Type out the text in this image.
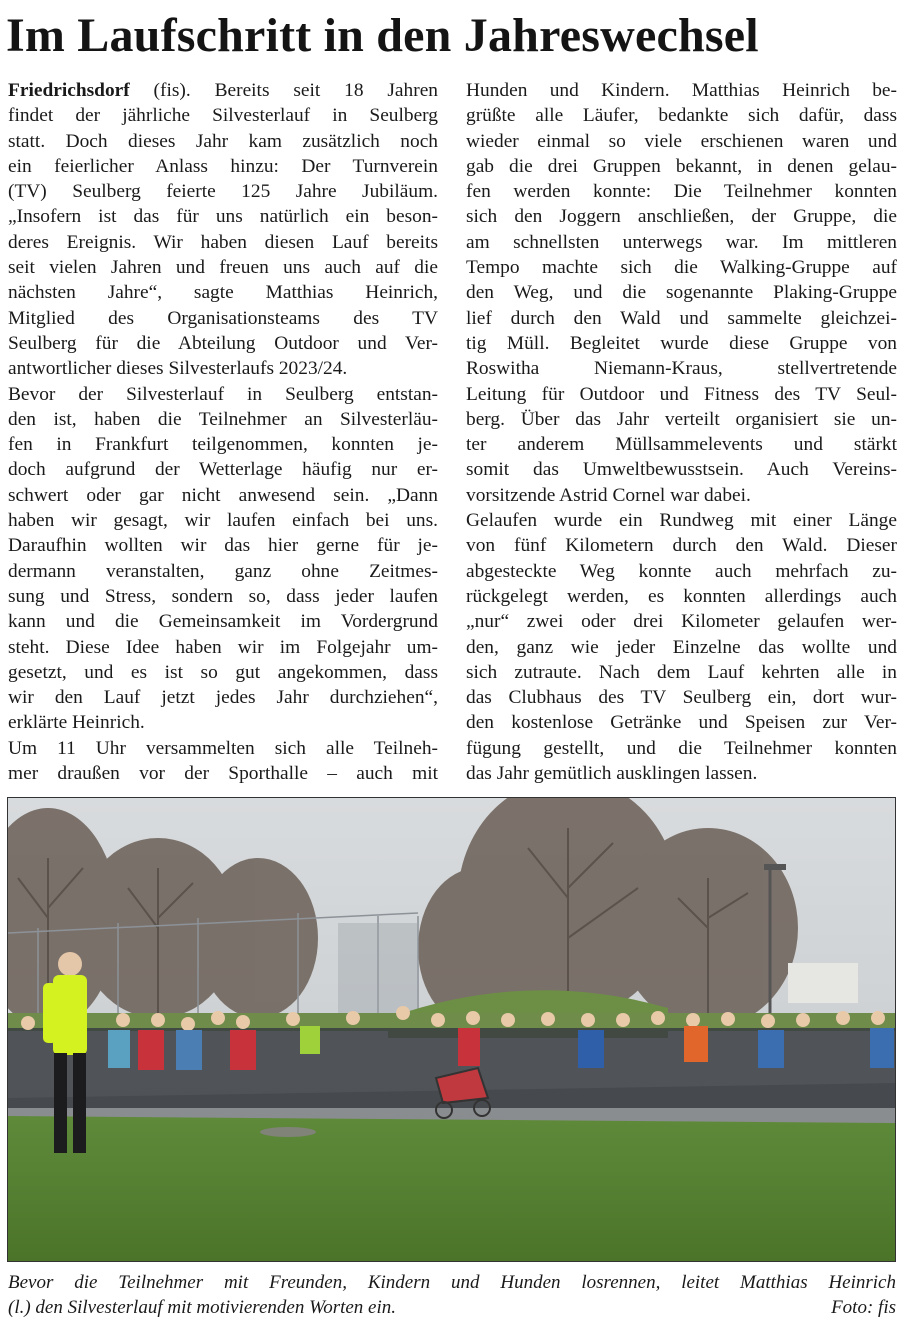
Im Laufschritt in den Jahreswechsel
Friedrichsdorf (fis). Bereits seit 18 Jahren
findet der jährliche Silvesterlauf in Seulberg
statt. Doch dieses Jahr kam zusätzlich noch
ein feierlicher Anlass hinzu: Der Turnverein
(TV) Seulberg feierte 125 Jahre Jubiläum.
„Insofern ist das für uns natürlich ein beson-
deres Ereignis. Wir haben diesen Lauf bereits
seit vielen Jahren und freuen uns auch auf die
nächsten Jahre“, sagte Matthias Heinrich,
Mitglied des Organisationsteams des TV
Seulberg für die Abteilung Outdoor und Ver-
antwortlicher dieses Silvesterlaufs 2023/24.
Bevor der Silvesterlauf in Seulberg entstan-
den ist, haben die Teilnehmer an Silvesterläu-
fen in Frankfurt teilgenommen, konnten je-
doch aufgrund der Wetterlage häufig nur er-
schwert oder gar nicht anwesend sein. „Dann
haben wir gesagt, wir laufen einfach bei uns.
Daraufhin wollten wir das hier gerne für je-
dermann veranstalten, ganz ohne Zeitmes-
sung und Stress, sondern so, dass jeder laufen
kann und die Gemeinsamkeit im Vordergrund
steht. Diese Idee haben wir im Folgejahr um-
gesetzt, und es ist so gut angekommen, dass
wir den Lauf jetzt jedes Jahr durchziehen“,
erklärte Heinrich.
Um 11 Uhr versammelten sich alle Teilneh-
mer draußen vor der Sporthalle – auch mit
Hunden und Kindern. Matthias Heinrich be-
grüßte alle Läufer, bedankte sich dafür, dass
wieder einmal so viele erschienen waren und
gab die drei Gruppen bekannt, in denen gelau-
fen werden konnte: Die Teilnehmer konnten
sich den Joggern anschließen, der Gruppe, die
am schnellsten unterwegs war. Im mittleren
Tempo machte sich die Walking-Gruppe auf
den Weg, und die sogenannte Plaking-Gruppe
lief durch den Wald und sammelte gleichzei-
tig Müll. Begleitet wurde diese Gruppe von
Roswitha Niemann-Kraus, stellvertretende
Leitung für Outdoor und Fitness des TV Seul-
berg. Über das Jahr verteilt organisiert sie un-
ter anderem Müllsammelevents und stärkt
somit das Umweltbewusstsein. Auch Vereins-
vorsitzende Astrid Cornel war dabei.
Gelaufen wurde ein Rundweg mit einer Länge
von fünf Kilometern durch den Wald. Dieser
abgesteckte Weg konnte auch mehrfach zu-
rückgelegt werden, es konnten allerdings auch
„nur“ zwei oder drei Kilometer gelaufen wer-
den, ganz wie jeder Einzelne das wollte und
sich zutraute. Nach dem Lauf kehrten alle in
das Clubhaus des TV Seulberg ein, dort wur-
den kostenlose Getränke und Speisen zur Ver-
fügung gestellt, und die Teilnehmer konnten
das Jahr gemütlich ausklingen lassen.
Bevor die Teilnehmer mit Freunden, Kindern und Hunden losrennen, leitet Matthias Heinrich
(l.) den Silvesterlauf mit motivierenden Worten ein.	Foto: fis
